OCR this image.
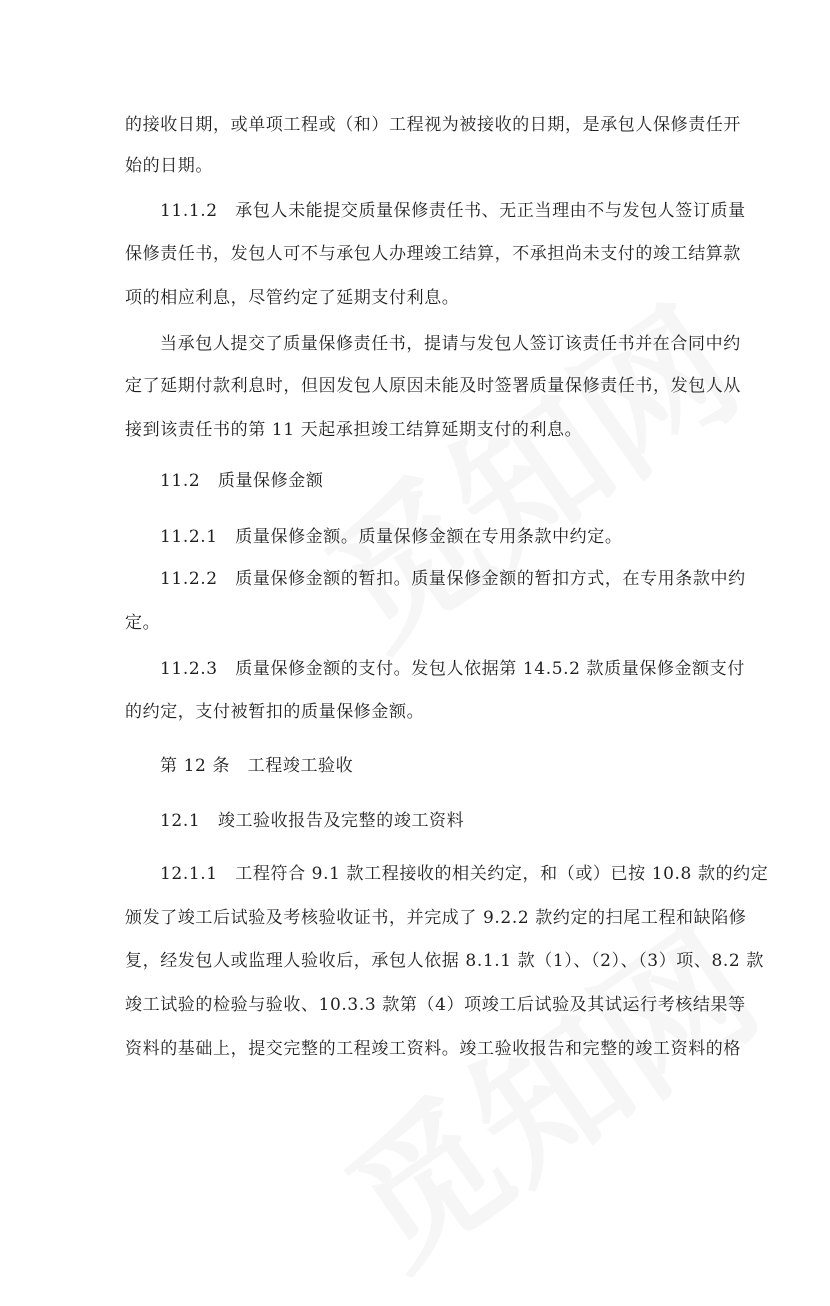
的接收日期，或单项工程或（和）工程视为被接收的日期，是承包人保修责任开
始的日期。
11.1.2　承包人未能提交质量保修责任书、无正当理由不与发包人签订质量
保修责任书，发包人可不与承包人办理竣工结算，不承担尚未支付的竣工结算款
项的相应利息，尽管约定了延期支付利息。
当承包人提交了质量保修责任书，提请与发包人签订该责任书并在合同中约
定了延期付款利息时，但因发包人原因未能及时签署质量保修责任书，发包人从
接到该责任书的第 11 天起承担竣工结算延期支付的利息。
11.2　质量保修金额
11.2.1　质量保修金额。质量保修金额在专用条款中约定。
11.2.2　质量保修金额的暂扣。质量保修金额的暂扣方式，在专用条款中约
定。
11.2.3　质量保修金额的支付。发包人依据第 14.5.2 款质量保修金额支付
的约定，支付被暂扣的质量保修金额。
第 12 条　工程竣工验收
12.1　竣工验收报告及完整的竣工资料
12.1.1　工程符合 9.1 款工程接收的相关约定，和（或）已按 10.8 款的约定
颁发了竣工后试验及考核验收证书，并完成了 9.2.2 款约定的扫尾工程和缺陷修
复，经发包人或监理人验收后，承包人依据 8.1.1 款（1）、（2）、（3）项、8.2 款
竣工试验的检验与验收、10.3.3 款第（4）项竣工后试验及其试运行考核结果等
资料的基础上，提交完整的工程竣工资料。竣工验收报告和完整的竣工资料的格
